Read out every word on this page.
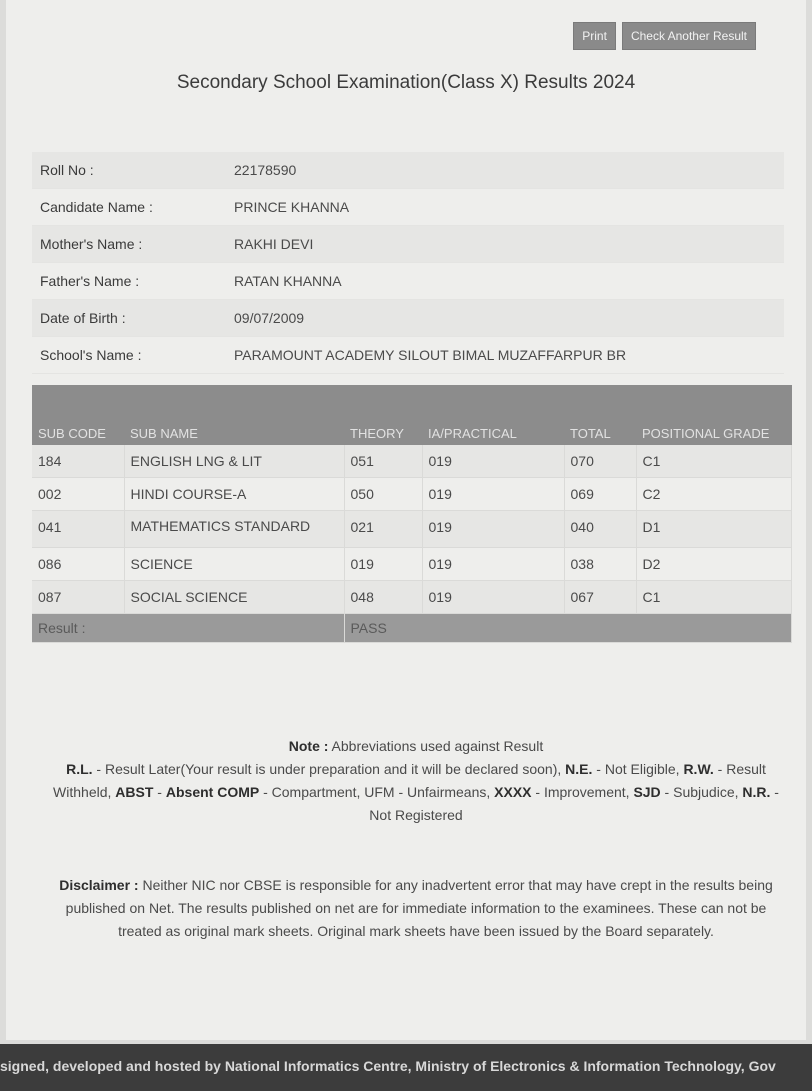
Print	Check Another Result
Secondary School Examination(Class X) Results 2024
Roll No :	22178590
Candidate Name :	PRINCE KHANNA
Mother's Name :	RAKHI DEVI
Father's Name :	RATAN KHANNA
Date of Birth :	09/07/2009
School's Name :	PARAMOUNT ACADEMY SILOUT BIMAL MUZAFFARPUR BR
SUB CODE	SUB NAME	THEORY	IA/PRACTICAL	TOTAL	POSITIONAL GRADE
184	ENGLISH LNG & LIT	051	019	070	C1
002	HINDI COURSE-A	050	019	069	C2
041	MATHEMATICS STANDARD	021	019	040	D1
086	SCIENCE	019	019	038	D2
087	SOCIAL SCIENCE	048	019	067	C1
Result :		PASS			
Note : Abbreviations used against Result
R.L. - Result Later(Your result is under preparation and it will be declared soon), N.E. - Not Eligible, R.W. - Result Withheld, ABST - Absent COMP - Compartment, UFM - Unfairmeans, XXXX - Improvement, SJD - Subjudice, N.R. - Not Registered
Disclaimer : Neither NIC nor CBSE is responsible for any inadvertent error that may have crept in the results being published on Net. The results published on net are for immediate information to the examinees. These can not be treated as original mark sheets. Original mark sheets have been issued by the Board separately.
signed, developed and hosted by National Informatics Centre, Ministry of Electronics & Information Technology, Gov
